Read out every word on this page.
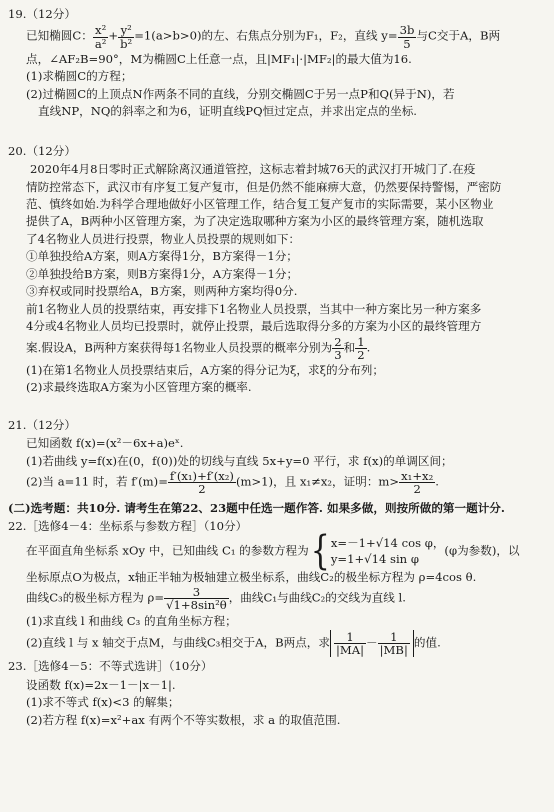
19.（12分）
已知椭圆C： $\frac{\text{x²}}{\text{a²}} + \frac{\text{y²}}{\text{b²}} =1(a>b>0)$的左、右焦点分别为F₁，F₂，直线 $y= \frac{3b}{5}$ 与C交于A，B两
点，∠AF₂B=90°，M为椭圆C上任意一点，且|MF₁|·|MF₂|的最大值为16.
(1)求椭圆C的方程；
(2)过椭圆C的上顶点N作两条不同的直线，分别交椭圆C于另一点P和Q(异于N)，若
直线NP，NQ的斜率之和为6，证明直线PQ恒过定点，并求出定点的坐标.
20.（12分）
2020年4月8日零时正式解除离汉通道管控，这标志着封城76天的武汉打开城门了.在疫
情防控常态下，武汉市有序复工复产复市，但是仍然不能麻痹大意，仍然要保持警惕，严密防
范、慎终如始.为科学合理地做好小区管理工作，结合复工复产复市的实际需要，某小区物业
提供了A，B两种小区管理方案，为了决定选取哪种方案为小区的最终管理方案，随机选取
了4名物业人员进行投票，物业人员投票的规则如下：
①单独投给A方案，则A方案得1分，B方案得－1分；
②单独投给B方案，则B方案得1分，A方案得－1分；
③弃权或同时投票给A，B方案，则两种方案均得0分.
前1名物业人员的投票结束，再安排下1名物业人员投票，当其中一种方案比另一种方案多
4分或4名物业人员均已投票时，就停止投票，最后选取得分多的方案为小区的最终管理方
案.假设A，B两种方案获得每1名物业人员投票的概率分别为 $\frac{2}{3}$ 和 $\frac{1}{2}$ .
(1)在第1名物业人员投票结束后，A方案的得分记为ξ，求ξ的分布列；
(2)求最终选取A方案为小区管理方案的概率.
21.（12分）
已知函数 f(x)=(x²－6x+a)eˣ.
(1)若曲线 y=f(x)在(0，f(0))处的切线与直线 5x+y=0 平行，求 f(x)的单调区间；
(2)当 a=11 时，若 $f'(m)= \frac{\text{f′(x₁)+f′(x₂)}}{2} (m>1)$，且 x₁≠x₂，证明：$m> \frac{\text{x₁+x₂}}{2}$ .
(二)选考题：共10分. 请考生在第22、23题中任选一题作答. 如果多做，则按所做的第一题计分.
22.［选修4－4：坐标系与参数方程］（10分）
在平面直角坐标系 xOy 中，已知曲线 C₁ 的参数方程为{ x=－1+√14 cos φ，
y=1+√14 sin φ
(φ为参数)，以
坐标原点O为极点，x轴正半轴为极轴建立极坐标系，曲线C₂的极坐标方程为 ρ=4cos θ.
曲线C₃的极坐标方程为 $\rho= \frac{3}{\text{√1+8sin²θ}}$ ，曲线C₁与曲线C₂的交线为直线 l.
(1)求直线 l 和曲线 C₃ 的直角坐标方程；
(2)直线 l 与 x 轴交于点M，与曲线C₃相交于A，B两点，求 $\frac{1}{|MA|} - \frac{1}{|MB|}$ 的值.
23.［选修4－5：不等式选讲］（10分）
设函数 f(x)=2x－1－|x－1|.
(1)求不等式 f(x)<3 的解集；
(2)若方程 f(x)=x²+ax 有两个不等实数根，求 a 的取值范围.
